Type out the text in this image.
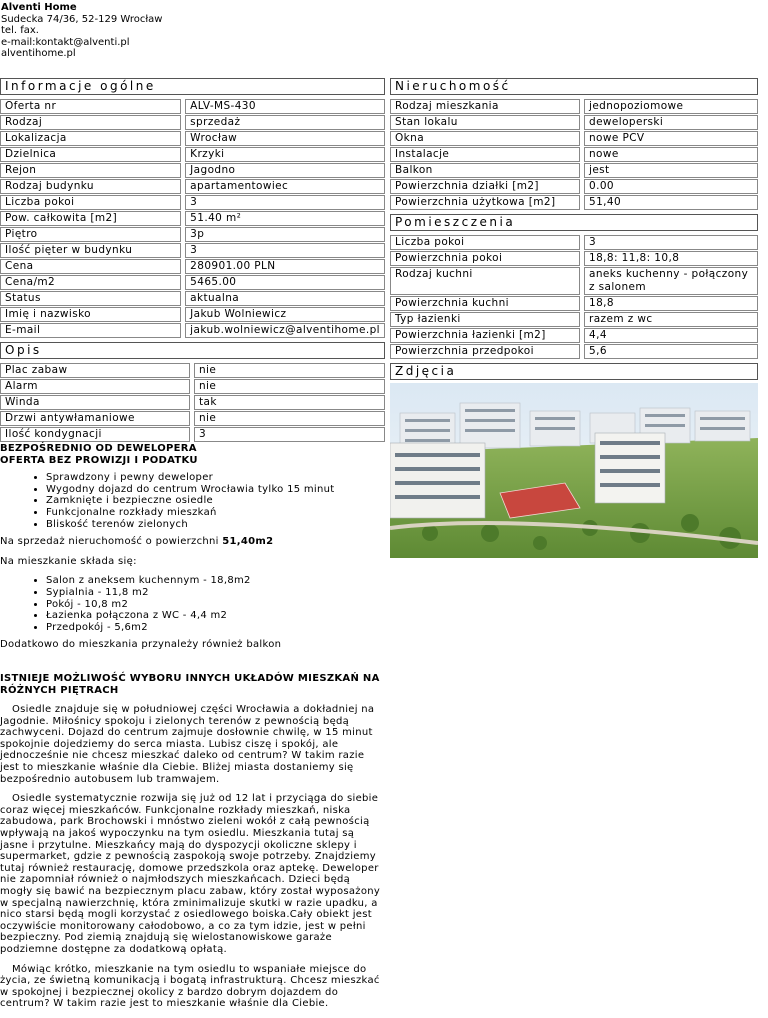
Alventi Home
Sudecka 74/36, 52-129 Wrocław
tel. fax.
e-mail:kontakt@alventi.pl
alventihome.pl
Informacje ogólne
Oferta nr		ALV-MS-430
Rodzaj		sprzedaż
Lokalizacja		Wrocław
Dzielnica		Krzyki
Rejon		Jagodno
Rodzaj budynku		apartamentowiec
Liczba pokoi		3
Pow. całkowita [m2]		51.40 m²
Piętro		3p
Ilość pięter w budynku		3
Cena		280901.00 PLN
Cena/m2		5465.00
Status		aktualna
Imię i nazwisko		Jakub Wolniewicz
E-mail		jakub.wolniewicz@alventihome.pl
Opis
Plac zabaw		nie
Alarm		nie
Winda		tak
Drzwi antywłamaniowe		nie
Ilość kondygnacji		3
BEZPOŚREDNIO OD DEWELOPERA
OFERTA BEZ PROWIZJI I PODATKU
• Sprawdzony i pewny deweloper
• Wygodny dojazd do centrum Wrocławia tylko 15 minut
• Zamknięte i bezpieczne osiedle
• Funkcjonalne rozkłady mieszkań
• Bliskość terenów zielonych

Na sprzedaż nieruchomość o powierzchni 51,40m2

Na mieszkanie składa się:

• Salon z aneksem kuchennym - 18,8m2
• Sypialnia - 11,8 m2
• Pokój - 10,8 m2
• Łazienka połączona z WC - 4,4 m2
• Przedpokój - 5,6m2

Dodatkowo do mieszkania przynależy również balkon

ISTNIEJE MOŻLIWOŚĆ WYBORU INNYCH UKŁADÓW MIESZKAŃ NA RÓŻNYCH PIĘTRACH

Osiedle znajduje się w południowej części Wrocławia a dokładniej na Jagodnie. Miłośnicy spokoju i zielonych terenów z pewnością będą zachwyceni. Dojazd do centrum zajmuje dosłownie chwilę, w 15 minut spokojnie dojedziemy do serca miasta. Lubisz ciszę i spokój, ale jednocześnie nie chcesz mieszkać daleko od centrum? W takim razie jest to mieszkanie właśnie dla Ciebie. Bliżej miasta dostaniemy się bezpośrednio autobusem lub tramwajem.

Osiedle systematycznie rozwija się już od 12 lat i przyciąga do siebie coraz więcej mieszkańców. Funkcjonalne rozkłady mieszkań, niska zabudowa, park Brochowski i mnóstwo zieleni wokół z całą pewnością wpływają na jakoś wypoczynku na tym osiedlu. Mieszkania tutaj są jasne i przytulne. Mieszkańcy mają do dyspozycji okoliczne sklepy i supermarket, gdzie z pewnością zaspokoją swoje potrzeby. Znajdziemy tutaj również restaurację, domowe przedszkola oraz aptekę. Deweloper nie zapomniał również o najmłodszych mieszkańcach. Dzieci będą mogły się bawić na bezpiecznym placu zabaw, który został wyposażony w specjalną nawierzchnię, która zminimalizuje skutki w razie upadku, a nico starsi będą mogli korzystać z osiedlowego boiska.Cały obiekt jest oczywiście monitorowany całodobowo, a co za tym idzie, jest w pełni bezpieczny. Pod ziemią znajdują się wielostanowiskowe garaże podziemne dostępne za dodatkową opłatą.

Mówiąc krótko, mieszkanie na tym osiedlu to wspaniałe miejsce do życia, ze świetną komunikacją i bogatą infrastrukturą. Chcesz mieszkać w spokojnej i bezpiecznej okolicy z bardzo dobrym dojazdem do centrum? W takim razie jest to mieszkanie właśnie dla Ciebie.

Nieruchomość
Rodzaj mieszkania		jednopoziomowe
Stan lokalu		deweloperski
Okna		nowe PCV
Instalacje		nowe
Balkon		jest
Powierzchnia działki [m2]		0.00
Powierzchnia użytkowa [m2]		51,40
Pomieszczenia
Liczba pokoi		3
Powierzchnia pokoi		18,8: 11,8: 10,8
Rodzaj kuchni		aneks kuchenny - połączony z salonem
Powierzchnia kuchni		18,8
Typ łazienki		razem z wc
Powierzchnia łazienki [m2]		4,4
Powierzchnia przedpokoi		5,6
Zdjęcia
